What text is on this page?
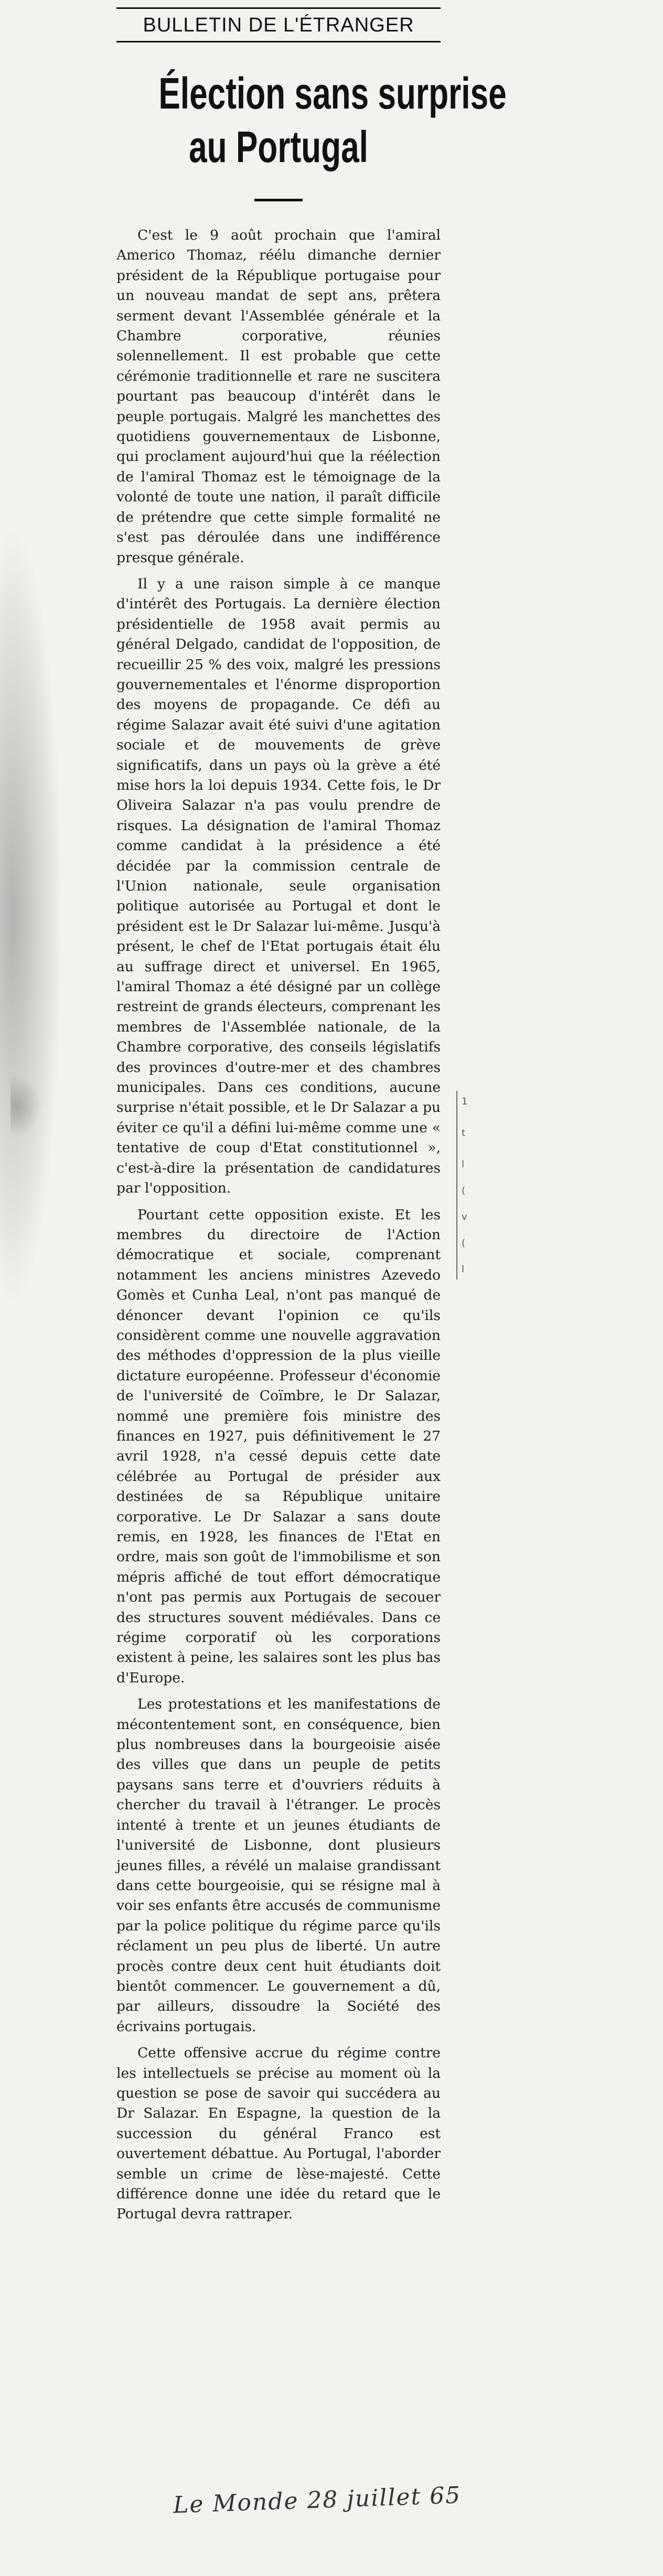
1
t
l
(
v
(
l
BULLETIN DE L'ÉTRANGER
Élection sans surprise
au Portugal

C'est le 9 août prochain que l'amiral Americo Thomaz, réélu dimanche dernier président de la République portugaise pour un nouveau mandat de sept ans, prêtera serment devant l'Assemblée générale et la Chambre corporative, réunies solennellement. Il est probable que cette cérémonie traditionnelle et rare ne suscitera pourtant pas beaucoup d'intérêt dans le peuple portugais. Malgré les manchettes des quotidiens gouvernementaux de Lisbonne, qui proclament aujourd'hui que la réélection de l'amiral Thomaz est le témoignage de la volonté de toute une nation, il paraît difficile de prétendre que cette simple formalité ne s'est pas déroulée dans une indifférence presque générale.

Il y a une raison simple à ce manque d'intérêt des Portugais. La dernière élection présidentielle de 1958 avait permis au général Delgado, candidat de l'opposition, de recueillir 25 % des voix, malgré les pressions gouvernementales et l'énorme disproportion des moyens de propagande. Ce défi au régime Salazar avait été suivi d'une agitation sociale et de mouvements de grève significatifs, dans un pays où la grève a été mise hors la loi depuis 1934. Cette fois, le Dr Oliveira Salazar n'a pas voulu prendre de risques. La désignation de l'amiral Thomaz comme candidat à la présidence a été décidée par la commission centrale de l'Union nationale, seule organisation politique autorisée au Portugal et dont le président est le Dr Salazar lui-même. Jusqu'à présent, le chef de l'Etat portugais était élu au suffrage direct et universel. En 1965, l'amiral Thomaz a été désigné par un collège restreint de grands électeurs, comprenant les membres de l'Assemblée nationale, de la Chambre corporative, des conseils législatifs des provinces d'outre-mer et des chambres municipales. Dans ces conditions, aucune surprise n'était possible, et le Dr Salazar a pu éviter ce qu'il a défini lui-même comme une « tentative de coup d'Etat constitutionnel », c'est-à-dire la présentation de candidatures par l'opposition.

Pourtant cette opposition existe. Et les membres du directoire de l'Action démocratique et sociale, comprenant notamment les anciens ministres Azevedo Gomès et Cunha Leal, n'ont pas manqué de dénoncer devant l'opinion ce qu'ils considèrent comme une nouvelle aggravation des méthodes d'oppression de la plus vieille dictature européenne. Professeur d'économie de l'université de Coïmbre, le Dr Salazar, nommé une première fois ministre des finances en 1927, puis définitivement le 27 avril 1928, n'a cessé depuis cette date célébrée au Portugal de présider aux destinées de sa République unitaire corporative. Le Dr Salazar a sans doute remis, en 1928, les finances de l'Etat en ordre, mais son goût de l'immobilisme et son mépris affiché de tout effort démocratique n'ont pas permis aux Portugais de secouer des structures souvent médiévales. Dans ce régime corporatif où les corporations existent à peine, les salaires sont les plus bas d'Europe.

Les protestations et les manifestations de mécontentement sont, en conséquence, bien plus nombreuses dans la bourgeoisie aisée des villes que dans un peuple de petits paysans sans terre et d'ouvriers réduits à chercher du travail à l'étranger. Le procès intenté à trente et un jeunes étudiants de l'université de Lisbonne, dont plusieurs jeunes filles, a révélé un malaise grandissant dans cette bourgeoisie, qui se résigne mal à voir ses enfants être accusés de communisme par la police politique du régime parce qu'ils réclament un peu plus de liberté. Un autre procès contre deux cent huit étudiants doit bientôt commencer. Le gouvernement a dû, par ailleurs, dissoudre la Société des écrivains portugais.

Cette offensive accrue du régime contre les intellectuels se précise au moment où la question se pose de savoir qui succédera au Dr Salazar. En Espagne, la question de la succession du général Franco est ouvertement débattue. Au Portugal, l'aborder semble un crime de lèse-majesté. Cette différence donne une idée du retard que le Portugal devra rattraper.

Le Monde 28 juillet 65
